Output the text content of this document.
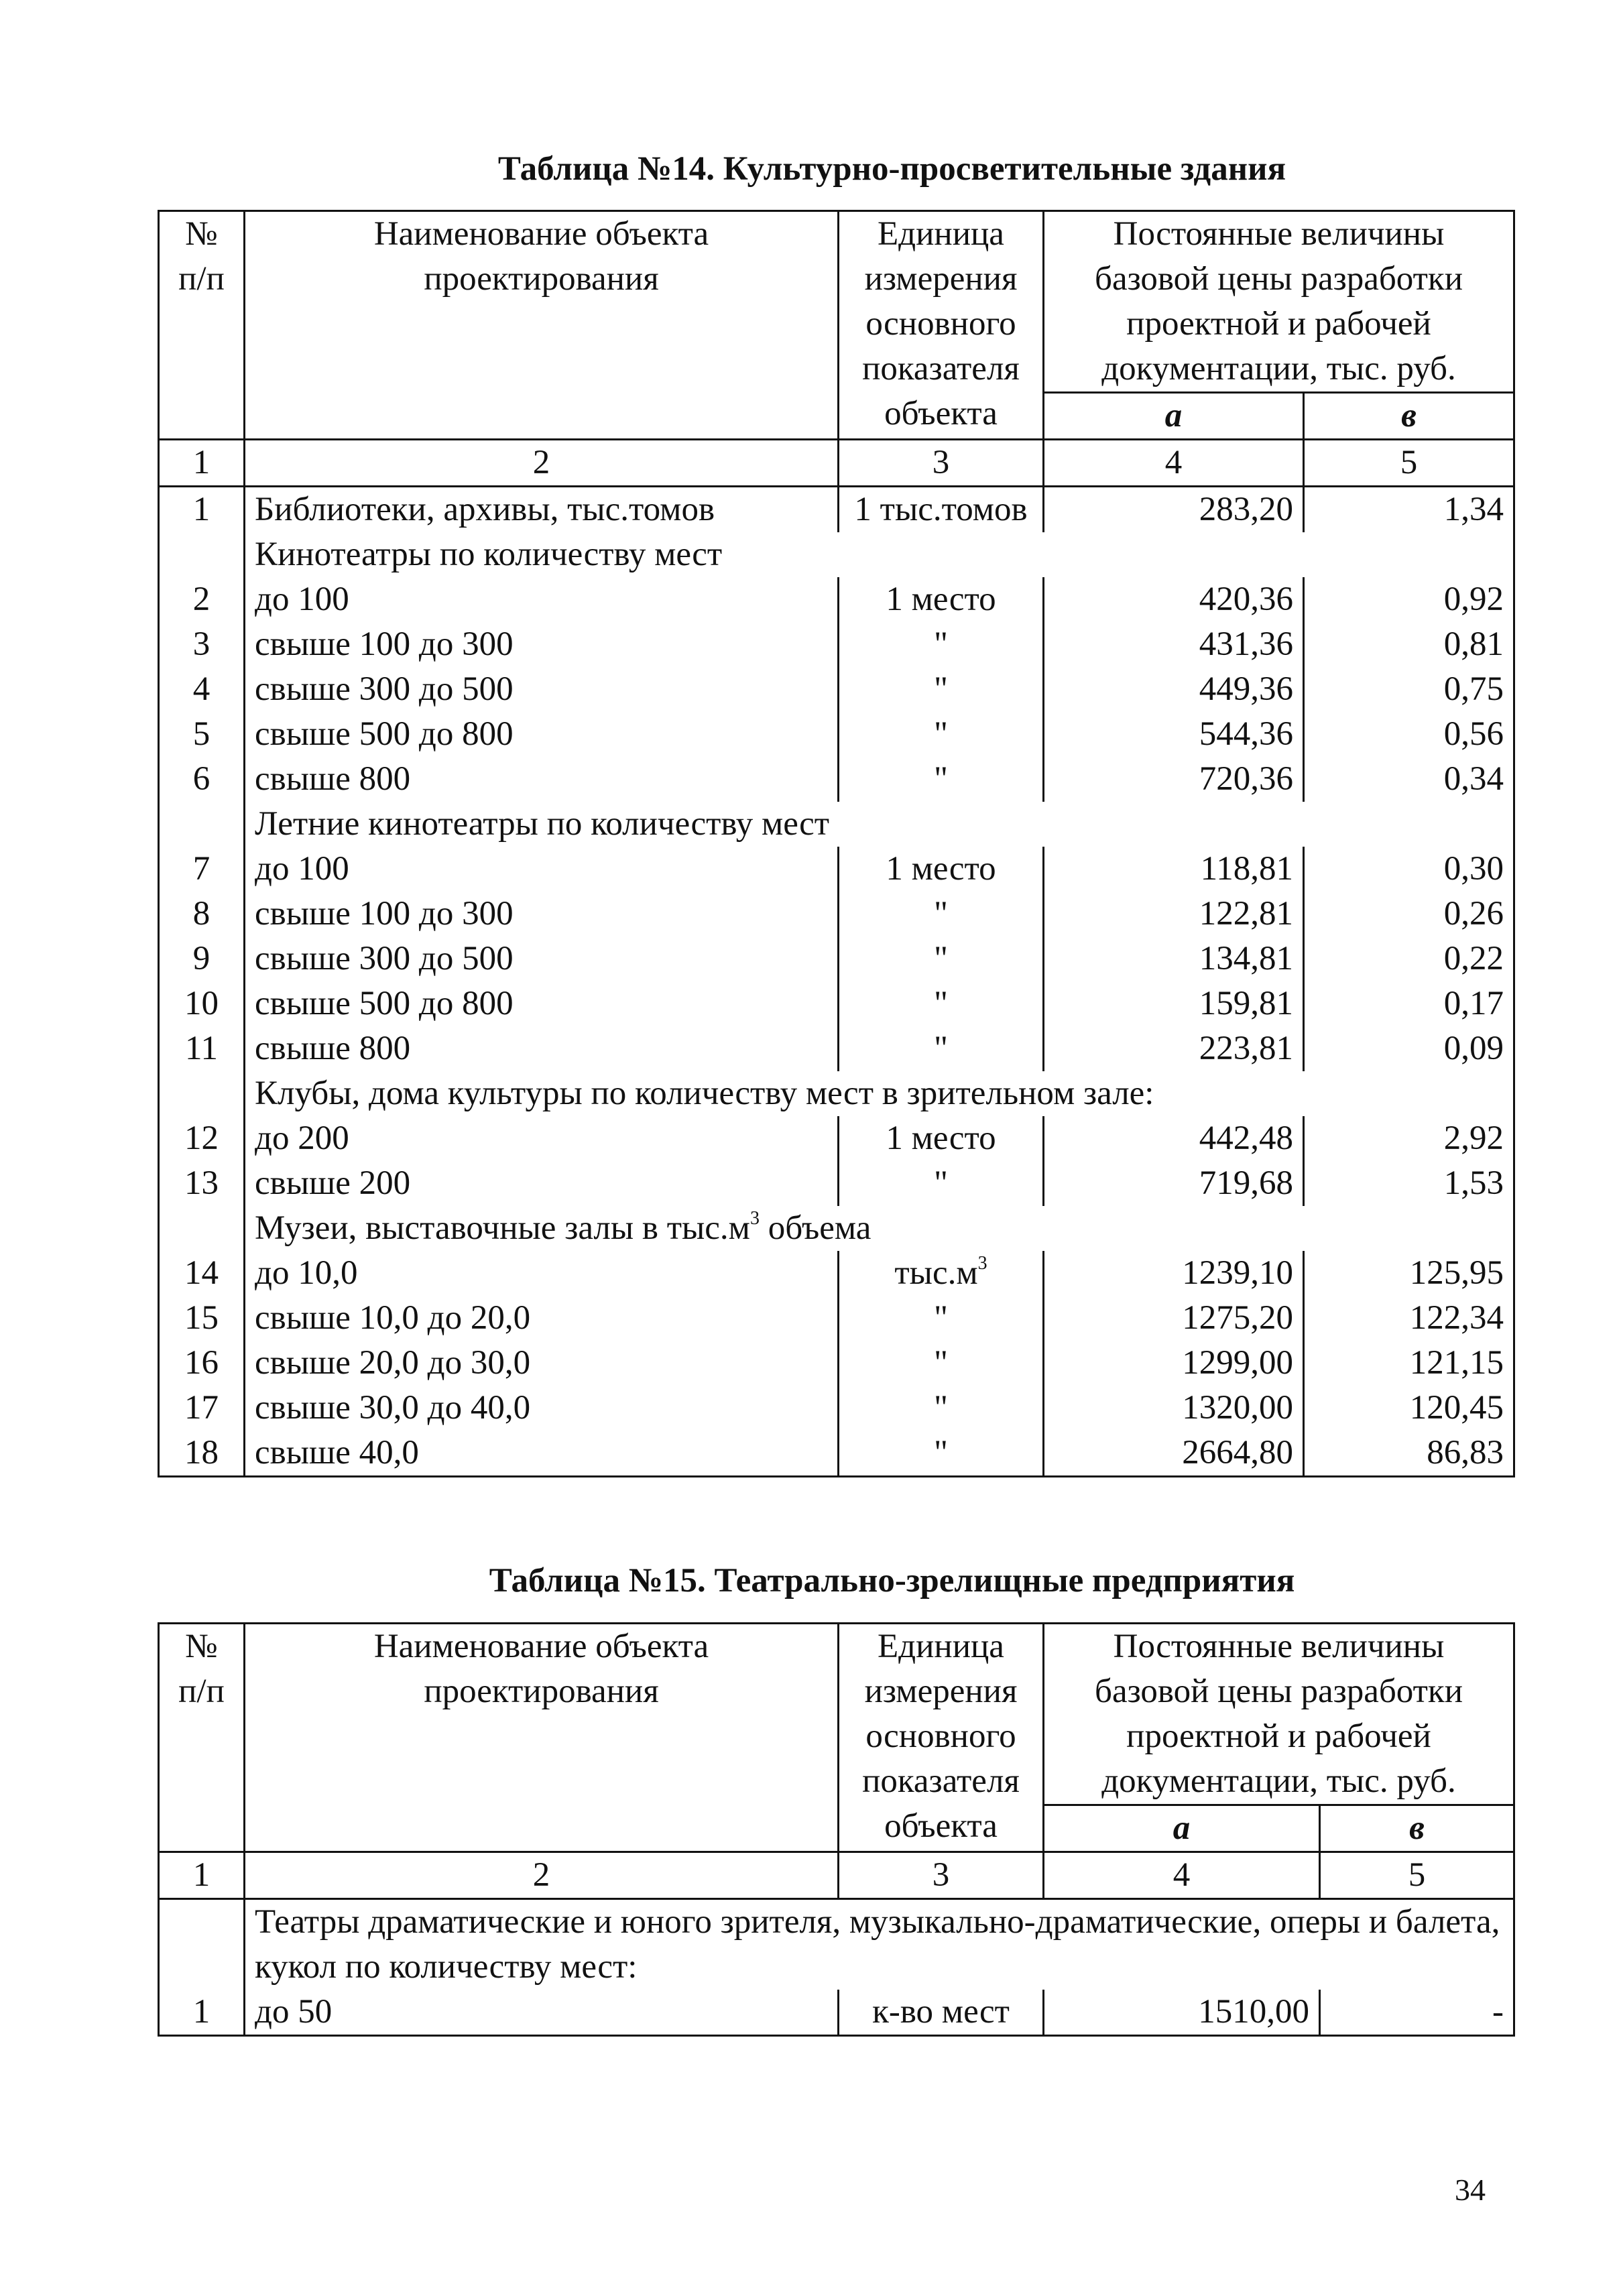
Таблица №14. Культурно-просветительные здания
№ п/п	Наименование объекта проектирования	Единица измерения основного показателя объекта	Постоянные величины базовой цены разработки проектной и рабочей документации, тыс. руб.	
			а	в
1	2	3	4	5
1	Библиотеки, архивы, тыс.томов	1 тыс.томов	283,20	1,34
	Кинотеатры по количеству мест			
2	до 100	1 место	420,36	0,92
3	свыше 100 до 300	"	431,36	0,81
4	свыше 300 до 500	"	449,36	0,75
5	свыше 500 до 800	"	544,36	0,56
6	свыше 800	"	720,36	0,34
	Летние кинотеатры по количеству мест			
7	до 100	1 место	118,81	0,30
8	свыше 100 до 300	"	122,81	0,26
9	свыше 300 до 500	"	134,81	0,22
10	свыше 500 до 800	"	159,81	0,17
11	свыше 800	"	223,81	0,09
	Клубы, дома культуры по количеству мест в зрительном зале:			
12	до 200	1 место	442,48	2,92
13	свыше 200	"	719,68	1,53
	Музеи, выставочные залы в $тыс.м^3$ объема			
14	до 10,0	$тыс.м^3$	1239,10	125,95
15	свыше 10,0 до 20,0	"	1275,20	122,34
16	свыше 20,0 до 30,0	"	1299,00	121,15
17	свыше 30,0 до 40,0	"	1320,00	120,45
18	свыше 40,0	"	2664,80	86,83
Таблица №15. Театрально-зрелищные предприятия
№ п/п	Наименование объекта проектирования	Единица измерения основного показателя объекта	Постоянные величины базовой цены разработки проектной и рабочей документации, тыс. руб.	
			а	в
1	2	3	4	5
	Театры драматические и юного зрителя, музыкально-драматические, оперы и балета, кукол по количеству мест:			
1	до 50	к-во мест	1510,00	-
34
